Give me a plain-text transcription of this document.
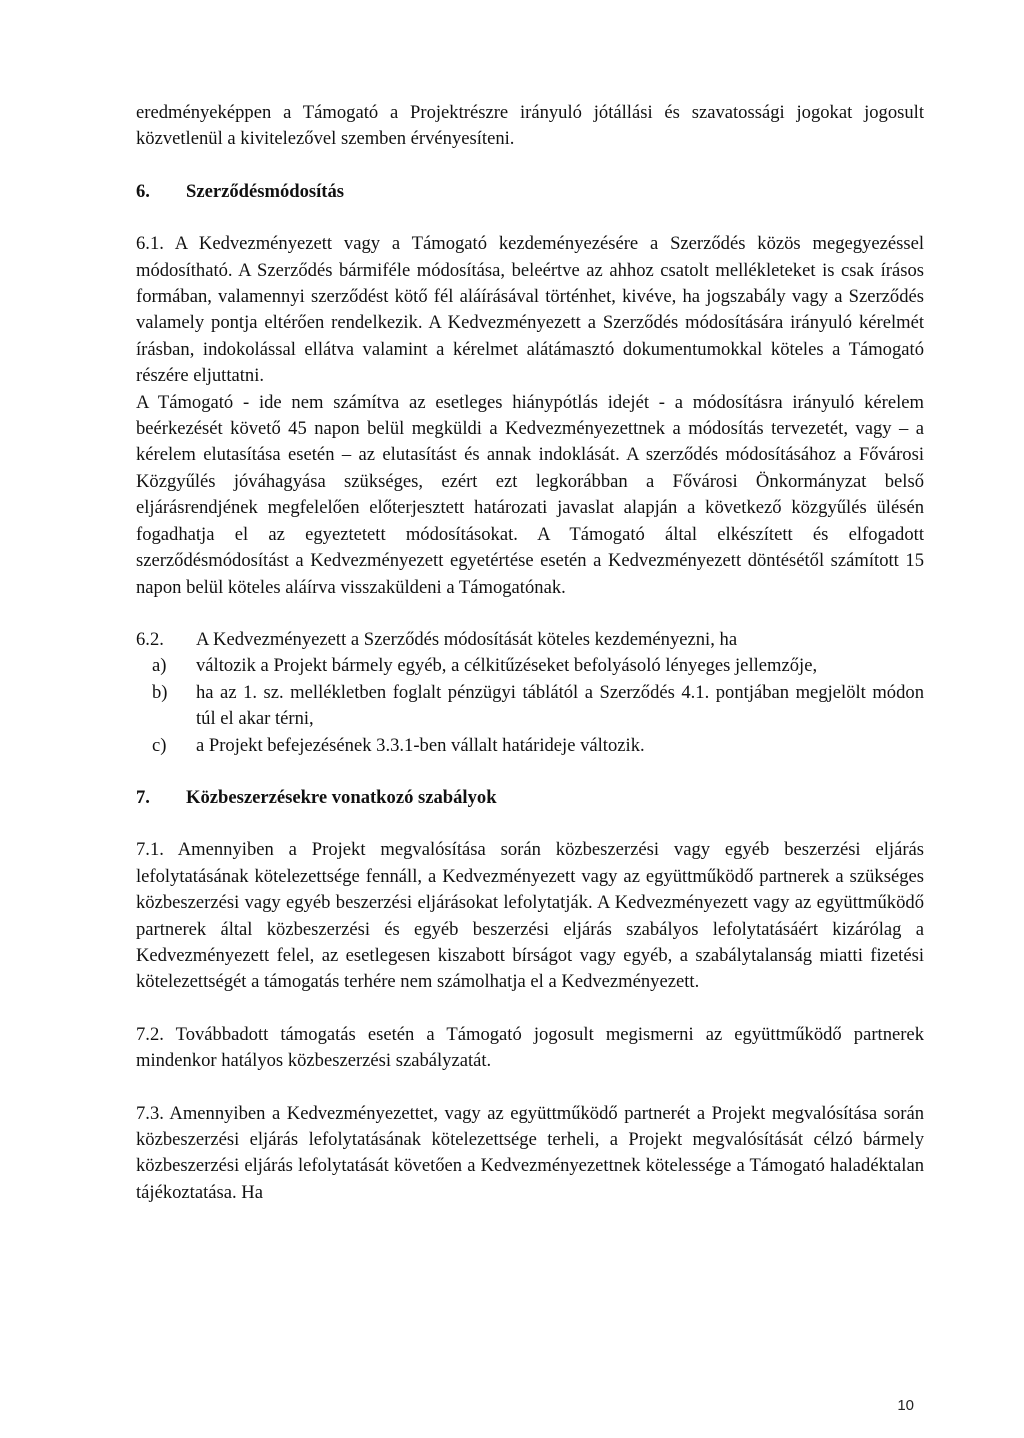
eredményeképpen a Támogató a Projektrészre irányuló jótállási és szavatossági jogokat jogosult közvetlenül a kivitelezővel szemben érvényesíteni.

6.	Szerződésmódosítás

6.1. A Kedvezményezett vagy a Támogató kezdeményezésére a Szerződés közös megegyezéssel módosítható. A Szerződés bármiféle módosítása, beleértve az ahhoz csatolt mellékleteket is csak írásos formában, valamennyi szerződést kötő fél aláírásával történhet, kivéve, ha jogszabály vagy a Szerződés valamely pontja eltérően rendelkezik. A Kedvezményezett a Szerződés módosítására irányuló kérelmét írásban, indokolással ellátva valamint a kérelmet alátámasztó dokumentumokkal köteles a Támogató részére eljuttatni.

A Támogató - ide nem számítva az esetleges hiánypótlás idejét - a módosításra irányuló kérelem beérkezését követő 45 napon belül megküldi a Kedvezményezettnek a módosítás tervezetét, vagy – a kérelem elutasítása esetén – az elutasítást és annak indoklását. A szerződés módosításához a Fővárosi Közgyűlés jóváhagyása szükséges, ezért ezt legkorábban a Fővárosi Önkormányzat belső eljárásrendjének megfelelően előterjesztett határozati javaslat alapján a következő közgyűlés ülésén fogadhatja el az egyeztetett módosításokat. A Támogató által elkészített és elfogadott szerződésmódosítást a Kedvezményezett egyetértése esetén a Kedvezményezett döntésétől számított 15 napon belül köteles aláírva visszaküldeni a Támogatónak.

6.2.	A Kedvezményezett a Szerződés módosítását köteles kezdeményezni, ha
a)	változik a Projekt bármely egyéb, a célkitűzéseket befolyásoló lényeges jellemzője,
b)	ha az 1. sz. mellékletben foglalt pénzügyi táblától a Szerződés 4.1. pontjában megjelölt módon túl el akar térni,
c)	a Projekt befejezésének 3.3.1-ben vállalt határideje változik.
7.	Közbeszerzésekre vonatkozó szabályok

7.1. Amennyiben a Projekt megvalósítása során közbeszerzési vagy egyéb beszerzési eljárás lefolytatásának kötelezettsége fennáll, a Kedvezményezett vagy az együttműködő partnerek a szükséges közbeszerzési vagy egyéb beszerzési eljárásokat lefolytatják. A Kedvezményezett vagy az együttműködő partnerek által közbeszerzési és egyéb beszerzési eljárás szabályos lefolytatásáért kizárólag a Kedvezményezett felel, az esetlegesen kiszabott bírságot vagy egyéb, a szabálytalanság miatti fizetési kötelezettségét a támogatás terhére nem számolhatja el a Kedvezményezett.

7.2. Továbbadott támogatás esetén a Támogató jogosult megismerni az együttműködő partnerek mindenkor hatályos közbeszerzési szabályzatát.

7.3. Amennyiben a Kedvezményezettet, vagy az együttműködő partnerét a Projekt megvalósítása során közbeszerzési eljárás lefolytatásának kötelezettsége terheli, a Projekt megvalósítását célzó bármely közbeszerzési eljárás lefolytatását követően a Kedvezményezettnek kötelessége a Támogató haladéktalan tájékoztatása. Ha

10
